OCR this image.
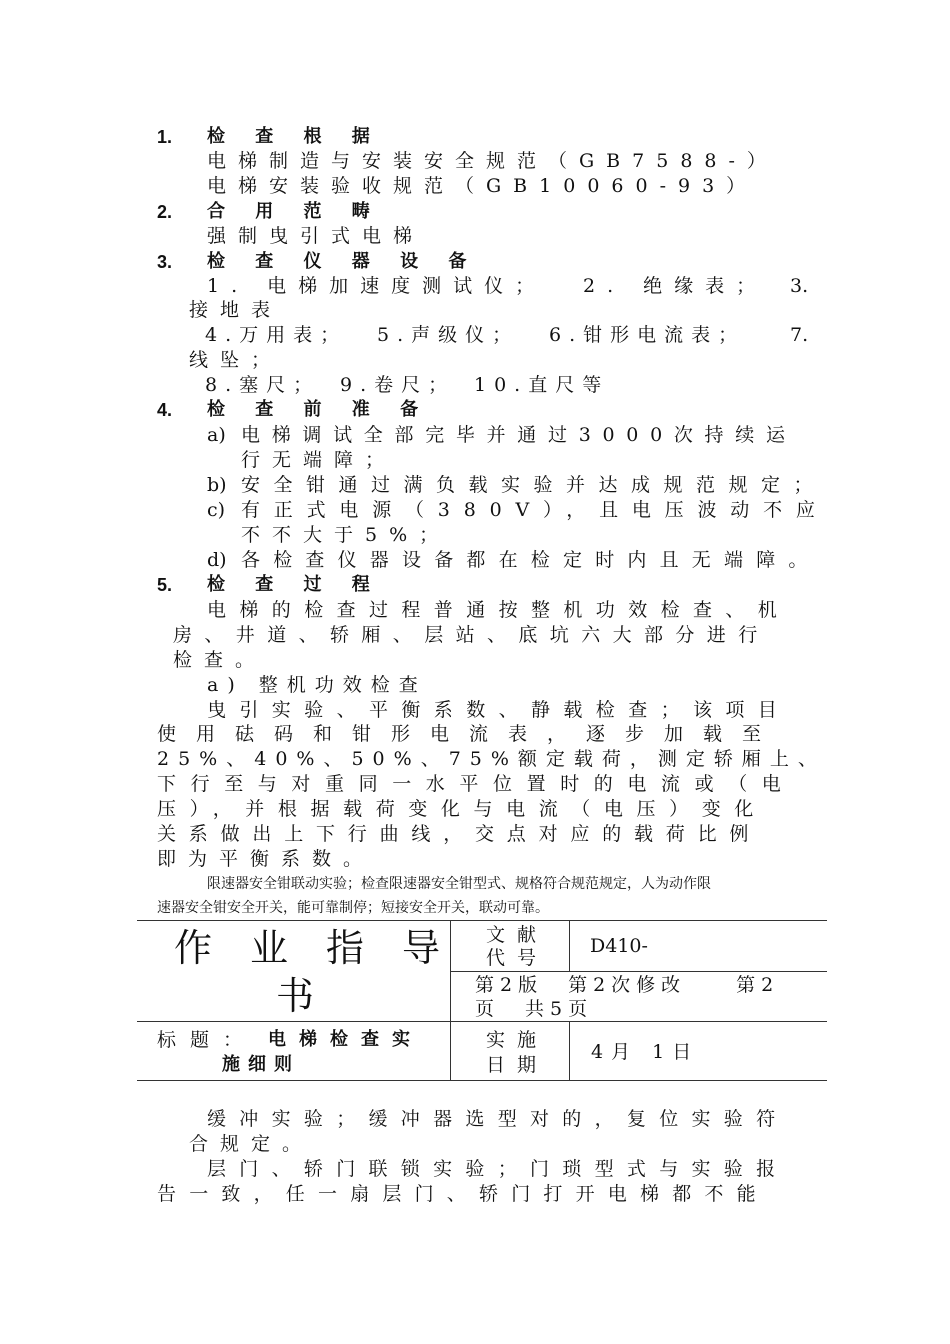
1. 检 查 根 据
电梯制造与安装安全规范（GB7588-）
电梯安装验收规范（GB10060-93）
2. 合 用 范 畴
强制曳引式电梯
3. 检 查 仪 器 设 备
1. 电梯加速度测试仪； 2. 绝缘表； 3.
接地表
4.万用表； 5.声级仪； 6.钳形电流表； 7.
线坠；
8.塞尺； 9.卷尺； 10.直尺等
4. 检 查 前 准 备
a) 电梯调试全部完毕并通过3000次持续运
行无端障；
b) 安全钳通过满负载实验并达成规范规定；
c) 有正式电源（380V），且电压波动不应
不不大于5%；
d) 各检查仪器设备都在检定时内且无端障。
5. 检 查 过 程
电梯的检查过程普通按整机功效检查、机
房、井道、轿厢、层站、底坑六大部分进行
检查。
a) 整机功效检查
曳引实验、平衡系数、静载检查；该项目
使用砝码和钳形电流表，逐步加载至
25%、40%、50%、75%额定载荷，测定轿厢上、
下行至与对重同一水平位置时的电流或（电
压），并根据载荷变化与电流（电压）变化
关系做出上下行曲线，交点对应的载荷比例
即为平衡系数。
限速器安全钳联动实验；检查限速器安全钳型式、规格符合规范规定，人为动作限
速器安全钳安全开关，能可靠制停；短接安全开关，联动可靠。
作业指导
书
文献
代号
D410-
第2版　第2次修改　　第2
页　共5页
标题： 电梯检查实
施细则
实施
日期
4月 1日
缓冲实验；缓冲器选型对的，复位实验符
合规定。
层门、轿门联锁实验；门琐型式与实验报
告一致，任一扇层门、轿门打开电梯都不能
